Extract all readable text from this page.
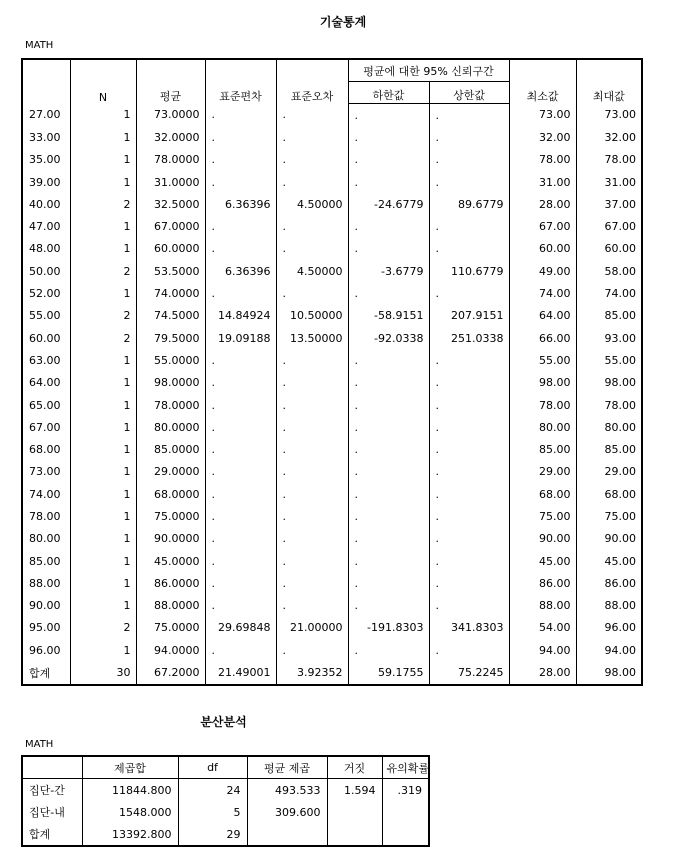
기술통계
MATH
	N	평균	표준편차	표준오차	평균에 대한 95% 신뢰구간		최소값	최대값
					하한값	상한값		
27.00	1	73.0000	.	.	.	.	73.00	73.00
33.00	1	32.0000	.	.	.	.	32.00	32.00
35.00	1	78.0000	.	.	.	.	78.00	78.00
39.00	1	31.0000	.	.	.	.	31.00	31.00
40.00	2	32.5000	6.36396	4.50000	-24.6779	89.6779	28.00	37.00
47.00	1	67.0000	.	.	.	.	67.00	67.00
48.00	1	60.0000	.	.	.	.	60.00	60.00
50.00	2	53.5000	6.36396	4.50000	-3.6779	110.6779	49.00	58.00
52.00	1	74.0000	.	.	.	.	74.00	74.00
55.00	2	74.5000	14.84924	10.50000	-58.9151	207.9151	64.00	85.00
60.00	2	79.5000	19.09188	13.50000	-92.0338	251.0338	66.00	93.00
63.00	1	55.0000	.	.	.	.	55.00	55.00
64.00	1	98.0000	.	.	.	.	98.00	98.00
65.00	1	78.0000	.	.	.	.	78.00	78.00
67.00	1	80.0000	.	.	.	.	80.00	80.00
68.00	1	85.0000	.	.	.	.	85.00	85.00
73.00	1	29.0000	.	.	.	.	29.00	29.00
74.00	1	68.0000	.	.	.	.	68.00	68.00
78.00	1	75.0000	.	.	.	.	75.00	75.00
80.00	1	90.0000	.	.	.	.	90.00	90.00
85.00	1	45.0000	.	.	.	.	45.00	45.00
88.00	1	86.0000	.	.	.	.	86.00	86.00
90.00	1	88.0000	.	.	.	.	88.00	88.00
95.00	2	75.0000	29.69848	21.00000	-191.8303	341.8303	54.00	96.00
96.00	1	94.0000	.	.	.	.	94.00	94.00
합계	30	67.2000	21.49001	3.92352	59.1755	75.2245	28.00	98.00
분산분석
MATH
	제곱합	df	평균 제곱	거짓	유의확률
집단-간	11844.800	24	493.533	1.594	.319
집단-내	1548.000	5	309.600		
합계	13392.800	29			
